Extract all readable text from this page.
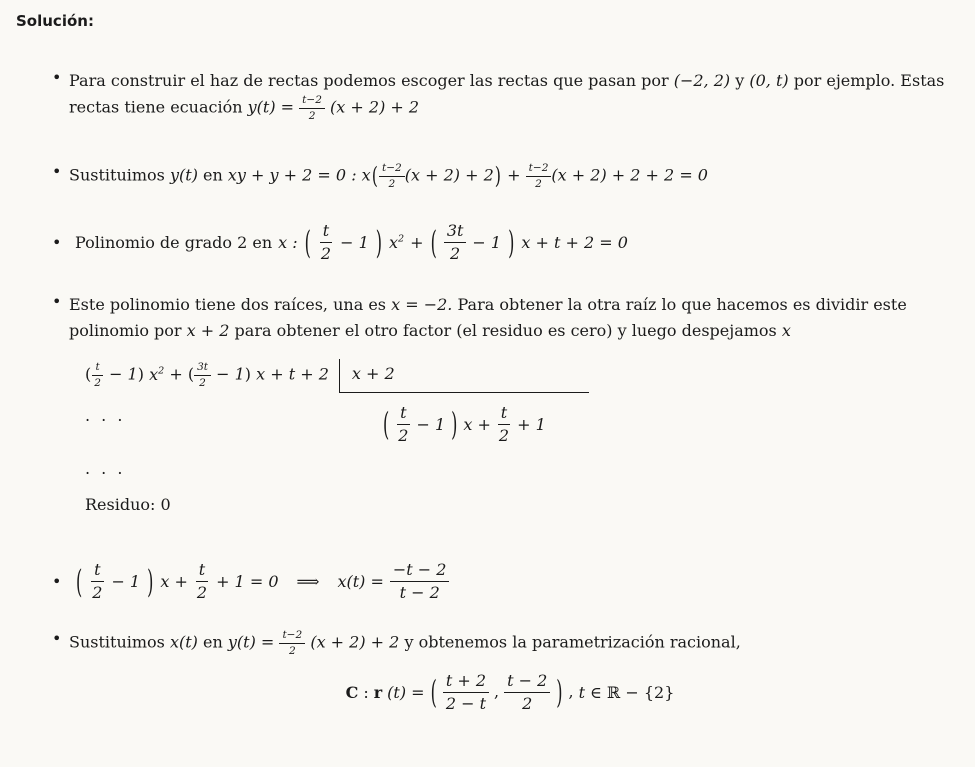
Solución:
• Para construir el haz de rectas podemos escoger las rectas que pasan por (−2, 2) y (0, t) por ejemplo. Estas rectas tiene ecuación $y(t) = \frac{t-2}{2} (x + 2) + 2$
• Sustituimos y(t) en xy + y + 2 = 0 : $x( \frac{t-2}{2} (x + 2) + 2) + \frac{t-2}{2} (x + 2) + 2 + 2 = 0$
• Polinomio de grado 2 en x : ( $\frac{t}{2} - 1$ ) $x^2$ + ( $\frac{3t}{2} - 1$ ) x + t + 2 = 0
• Este polinomio tiene dos raíces, una es x = −2. Para obtener la otra raíz lo que hacemos es dividir este polinomio por x + 2 para obtener el otro factor (el residuo es cero) y luego despejamos x
( $\frac{t}{2} - 1$) $x^2$ + ( $\frac{3t}{2} - 1$) x + t + 2	x + 2
. . .	( $\frac{t}{2} - 1$ ) $x + \frac{t}{2} + 1$
. . .
Residuo: 0
• ( $\frac{t}{2} - 1$ ) $x + \frac{t}{2} + 1 = 0$ ⟹ $x(t) = \frac{-t - 2}{t - 2}$
• Sustituimos x(t) en $y(t) = \frac{t-2}{2} (x + 2) + 2$ y obtenemos la parametrización racional,
C : r (t) = ( $\frac{t + 2}{2 - t}$ , $\frac{t - 2}{2}$ ) , t ∈ ℝ − {2}
